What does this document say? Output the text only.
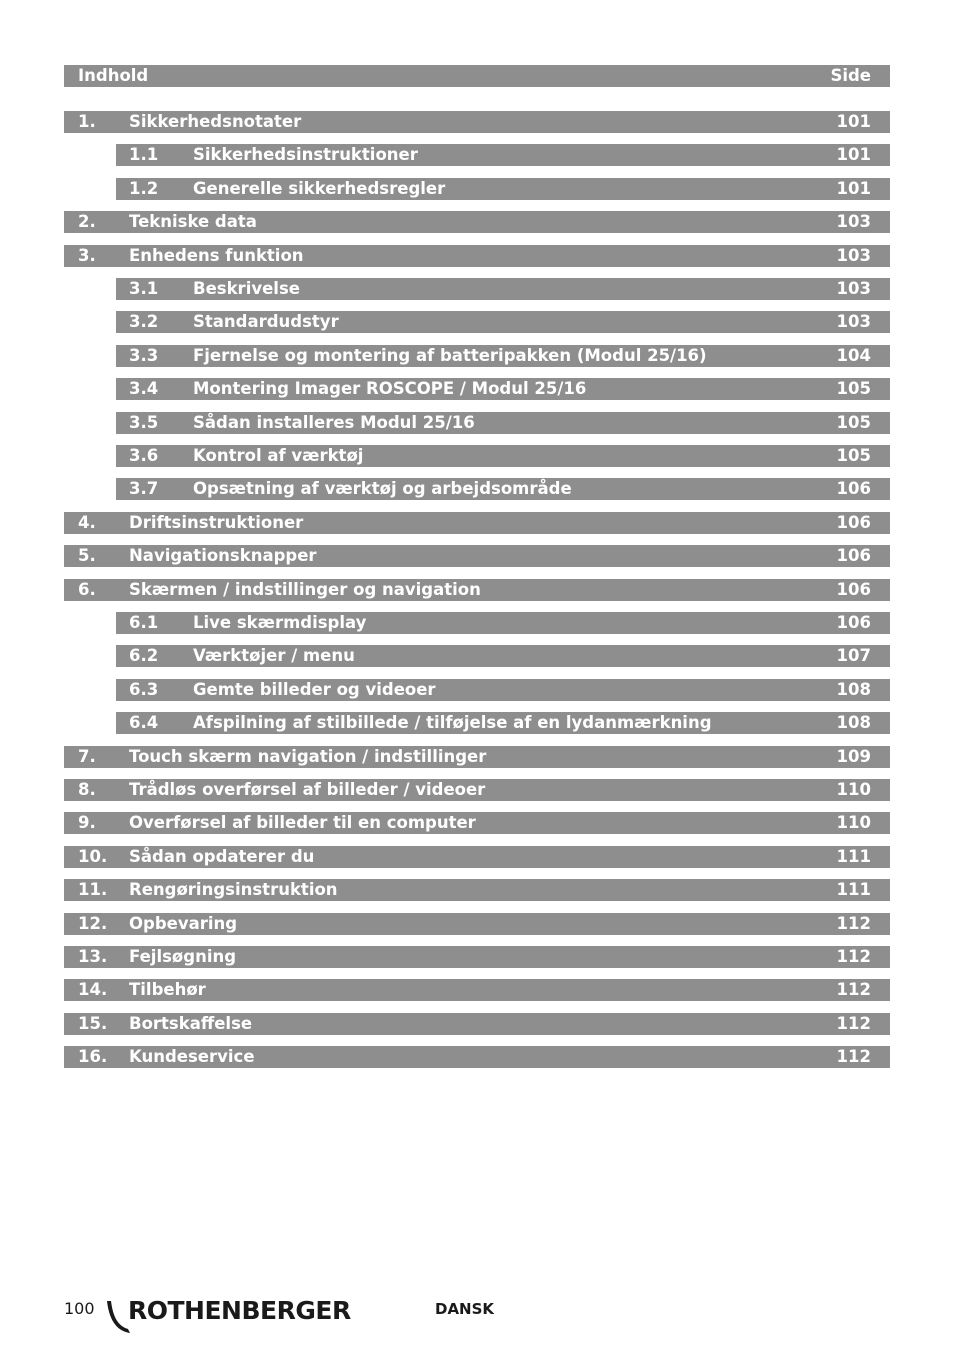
Indhold	Side
1. Sikkerhedsnotater	101
1.1 Sikkerhedsinstruktioner	101
1.2 Generelle sikkerhedsregler	101
2. Tekniske data	103
3. Enhedens funktion	103
3.1 Beskrivelse	103
3.2 Standardudstyr	103
3.3 Fjernelse og montering af batteripakken (Modul 25/16)	104
3.4 Montering Imager ROSCOPE / Modul 25/16	105
3.5 Sådan installeres Modul 25/16	105
3.6 Kontrol af værktøj	105
3.7 Opsætning af værktøj og arbejdsområde	106
4. Driftsinstruktioner	106
5. Navigationsknapper	106
6. Skærmen / indstillinger og navigation	106
6.1 Live skærmdisplay	106
6.2 Værktøjer / menu	107
6.3 Gemte billeder og videoer	108
6.4 Afspilning af stilbillede / tilføjelse af en lydanmærkning	108
7. Touch skærm navigation / indstillinger	109
8. Trådløs overførsel af billeder / videoer	110
9. Overførsel af billeder til en computer	110
10. Sådan opdaterer du	111
11. Rengøringsinstruktion	111
12. Opbevaring	112
13. Fejlsøgning	112
14. Tilbehør	112
15. Bortskaffelse	112
16. Kundeservice	112
100 ROTHENBERGER	DANSK
